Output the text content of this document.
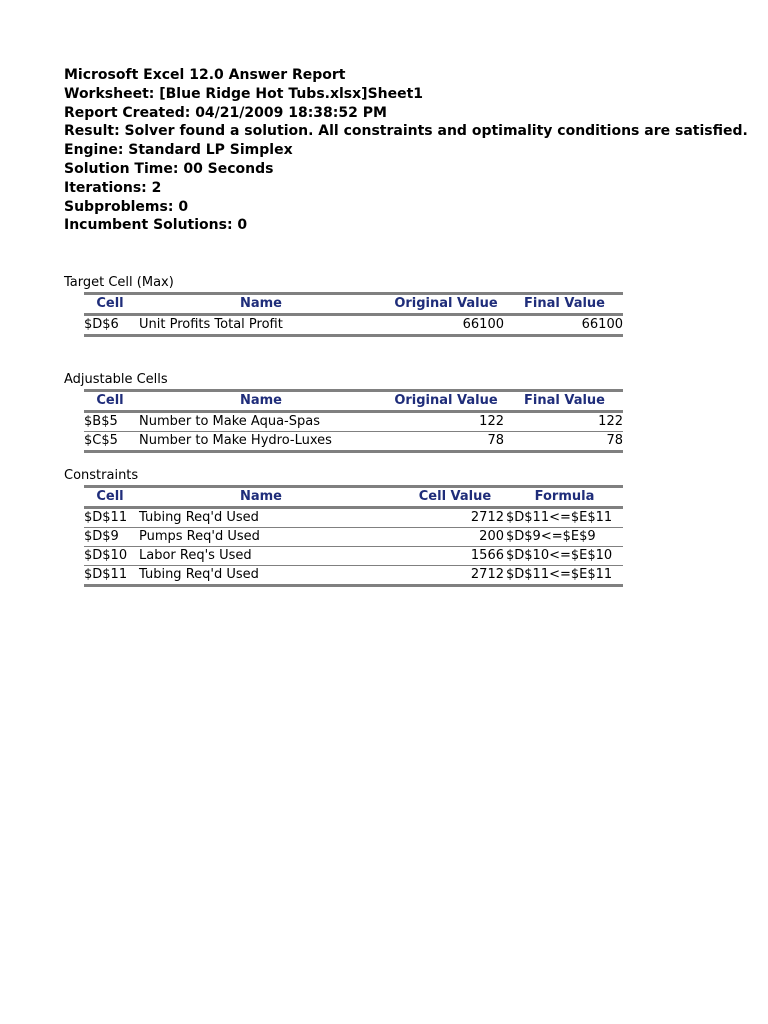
Microsoft Excel 12.0 Answer Report
Worksheet: [Blue Ridge Hot Tubs.xlsx]Sheet1
Report Created: 04/21/2009 18:38:52 PM
Result: Solver found a solution. All constraints and optimality conditions are satisfied.
Engine: Standard LP Simplex
Solution Time: 00 Seconds
Iterations: 2
Subproblems: 0
Incumbent Solutions: 0
Target Cell (Max)
Cell	Name	Original Value	Final Value
$D$6 Unit Profits Total Profit	66100	66100
Adjustable Cells
Cell	Name	Original Value	Final Value
$B$5 Number to Make Aqua-Spas	122	122
$C$5 Number to Make Hydro-Luxes	78	78
Constraints
Cell	Name	Cell Value	Formula
$D$11 Tubing Req'd Used	2712 $D$11<=$E$11
$D$9 Pumps Req'd Used	200 $D$9<=$E$9
$D$10 Labor Req's Used	1566 $D$10<=$E$10
$D$11 Tubing Req'd Used	2712 $D$11<=$E$11
